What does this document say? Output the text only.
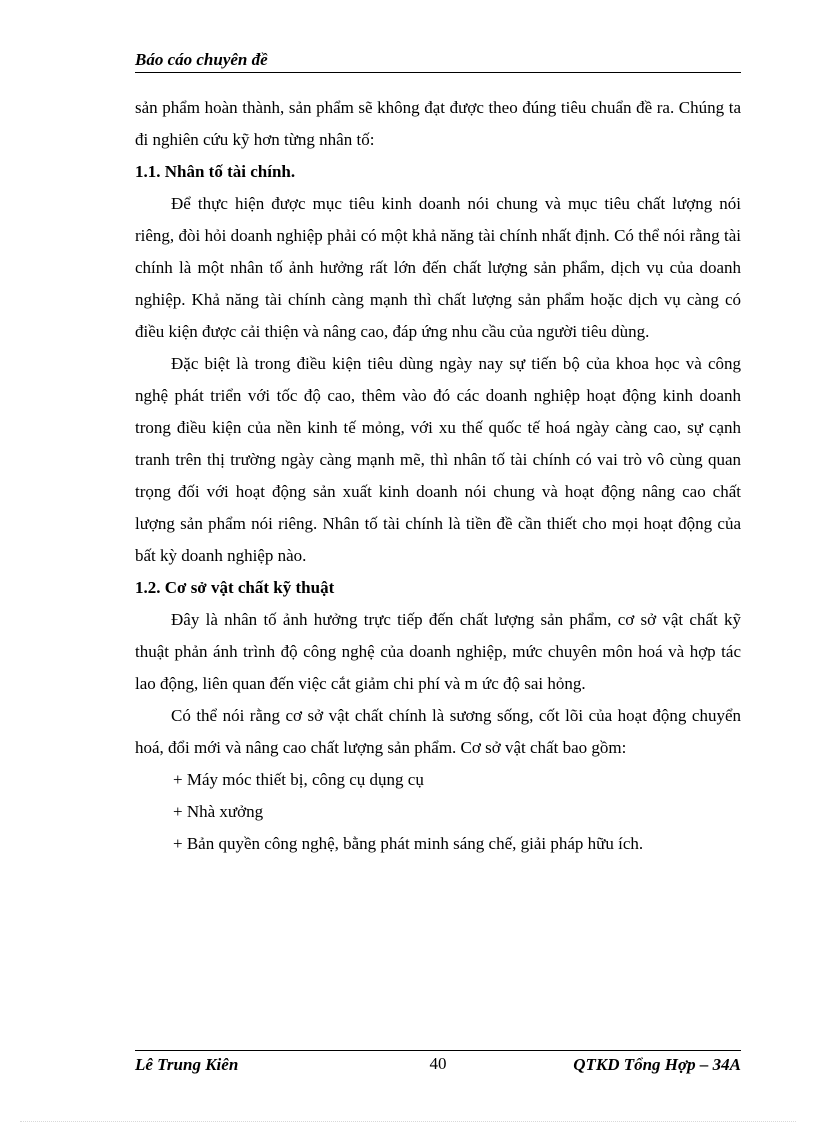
Báo cáo chuyên đề

sản phẩm hoàn thành, sản phẩm sẽ không đạt được theo đúng tiêu chuẩn đề ra. Chúng ta đi nghiên cứu kỹ hơn từng nhân tố:

1.1. Nhân tố tài chính.

Để thực hiện được mục tiêu kinh doanh nói chung và mục tiêu chất lượng nói riêng, đòi hỏi doanh nghiệp phải có một khả năng tài chính nhất định. Có thể nói rằng tài chính là một nhân tố ảnh hưởng rất lớn đến chất lượng sản phẩm, dịch vụ của doanh nghiệp. Khả năng tài chính càng mạnh thì chất lượng sản phẩm hoặc dịch vụ càng có điều kiện được cải thiện và nâng cao, đáp ứng nhu cầu của người tiêu dùng.

Đặc biệt là trong điều kiện tiêu dùng ngày nay sự tiến bộ của khoa học và công nghệ phát triển với tốc độ cao, thêm vào đó các doanh nghiệp hoạt động kinh doanh trong điều kiện của nền kinh tế mỏng, với xu thế quốc tế hoá ngày càng cao, sự cạnh tranh trên thị trường ngày càng mạnh mẽ, thì nhân tố tài chính có vai trò vô cùng quan trọng đối với hoạt động sản xuất kinh doanh nói chung và hoạt động nâng cao chất lượng sản phẩm nói riêng. Nhân tố tài chính là tiền đề cần thiết cho mọi hoạt động của bất kỳ doanh nghiệp nào.

1.2. Cơ sở vật chất kỹ thuật

Đây là nhân tố ảnh hưởng trực tiếp đến chất lượng sản phẩm, cơ sở vật chất kỹ thuật phản ánh trình độ công nghệ của doanh nghiệp, mức chuyên môn hoá và hợp tác lao động, liên quan đến việc cắt giảm chi phí và m ức độ sai hỏng.

Có thể nói rằng cơ sở vật chất chính là sương sống, cốt lõi của hoạt động chuyển hoá, đổi mới và nâng cao chất lượng sản phẩm. Cơ sở vật chất bao gồm:

+ Máy móc thiết bị, công cụ dụng cụ

+ Nhà xưởng

+ Bản quyền công nghệ, bằng phát minh sáng chế, giải pháp hữu ích.

Lê Trung Kiên	40	QTKD Tổng Hợp – 34A
